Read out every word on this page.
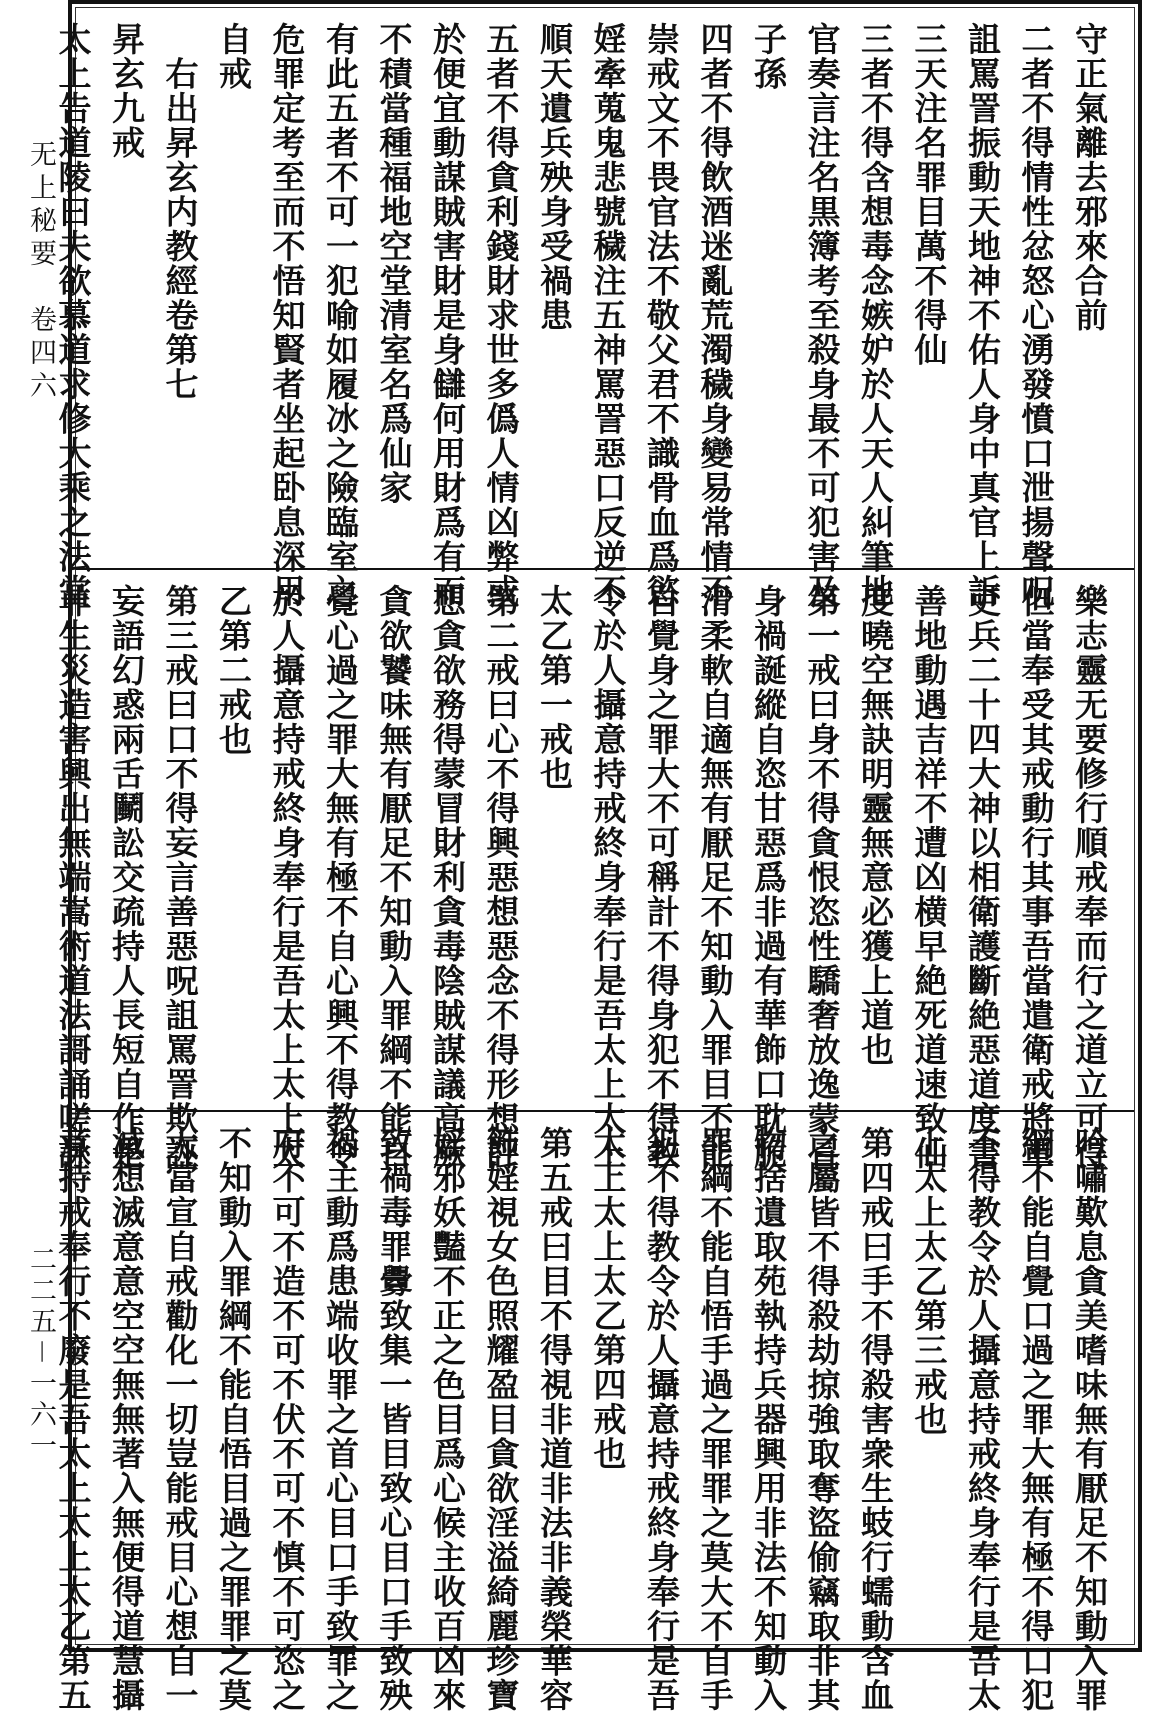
无上秘要　卷四六
二二五－一六一
守正氣離去邪來合前
二者不得情性忿怒心湧發憤口泄揚聲呪
詛罵詈振動天地神不佑人身中真官上訴
三天注名罪目萬不得仙
三者不得含想毒念嫉妒於人天人糾筆地
官奏言注名黒簿考至殺身最不可犯害及
子孫
四者不得飲酒迷亂荒濁穢身變易常情不
崇戒文不畏官法不敬父君不識骨血爲慾
婬牽蒐鬼悲號穢注五神罵詈惡口反逆不
順天遺兵殃身受禍患
五者不得貪利錢財求世多僞人情凶弊或
於便宜動謀賊害財是身讎何用財爲有而
不積當種福地空堂清室名爲仙家
有此五者不可一犯喻如履冰之險臨室之
危罪定考至而不悟知賢者坐起卧息深用
自戒
　右出昇玄内教經卷第七
昇玄九戒
太上告道陵曰夫欲慕道求修大乘之法當
樂志靈无要修行順戒奉而行之道立可得
但當奉受其戒動行其事吾當遣衛戒將軍
吏兵二十四大神以相衛護斷絶惡道度書
善地動遇吉祥不遭凶横早絶死道速致仙
度曉空無訣明靈無意必獲上道也
第一戒曰身不得貪恨恣性驕奢放逸蒙冒
身禍誕縱自恣甘惡爲非過有華飾口耽脆
滑柔軟自適無有厭足不知動入罪目不能
自覺身之罪大不可稱計不得身犯不得教
令於人攝意持戒終身奉行是吾太上太上
太乙第一戒也
第二戒曰心不得興惡想惡念不得形想評
想貪欲務得蒙冒財利貪毒陰賊謀議高厥
貪欲饕味無有厭足不知動入罪綱不能自
覺心過之罪大無有極不自心興不得教令
於人攝意持戒終身奉行是吾太上太上太
乙第二戒也
第三戒曰口不得妄言善惡呪詛罵詈欺誣
妄語幻惑兩舌鬭訟交疏持人長短自作是
非生災造害興出無端嵩術道法謌誦嗟詠
吟嘯歎息貪美嗜味無有厭足不知動入罪
綱不能自覺口過之罪大無有極不得口犯
不得教令於人攝意持戒終身奉行是吾太
上太上太乙第三戒也
第四戒曰手不得殺害衆生蚑行蠕動含血
之屬皆不得殺劫掠強取奪盜偷竊取非其
物捨遺取苑執持兵器興用非法不知動入
罪綱不能自悟手過之罪罪之莫大不自手
犯不得教令於人攝意持戒終身奉行是吾
太上太上太乙第四戒也
第五戒曰目不得視非道非法非義榮華容
飾婬視女色照耀盈目貪欲淫溢綺麗珍寶
婬邪妖豔不正之色目爲心候主收百凶來
致禍毒罪釁致集一皆目致心目口手致殃
禍主動爲患端收罪之首心目口手致罪之
府不可不造不可不伏不可不慎不可恣之
不知動入罪綱不能自悟目過之罪罪之莫
大當宣自戒勸化一切豈能戒目心想自一
滅想滅意意空空無無著入無便得道慧攝
意持戒奉行不廢是吾太上太上太乙第五
